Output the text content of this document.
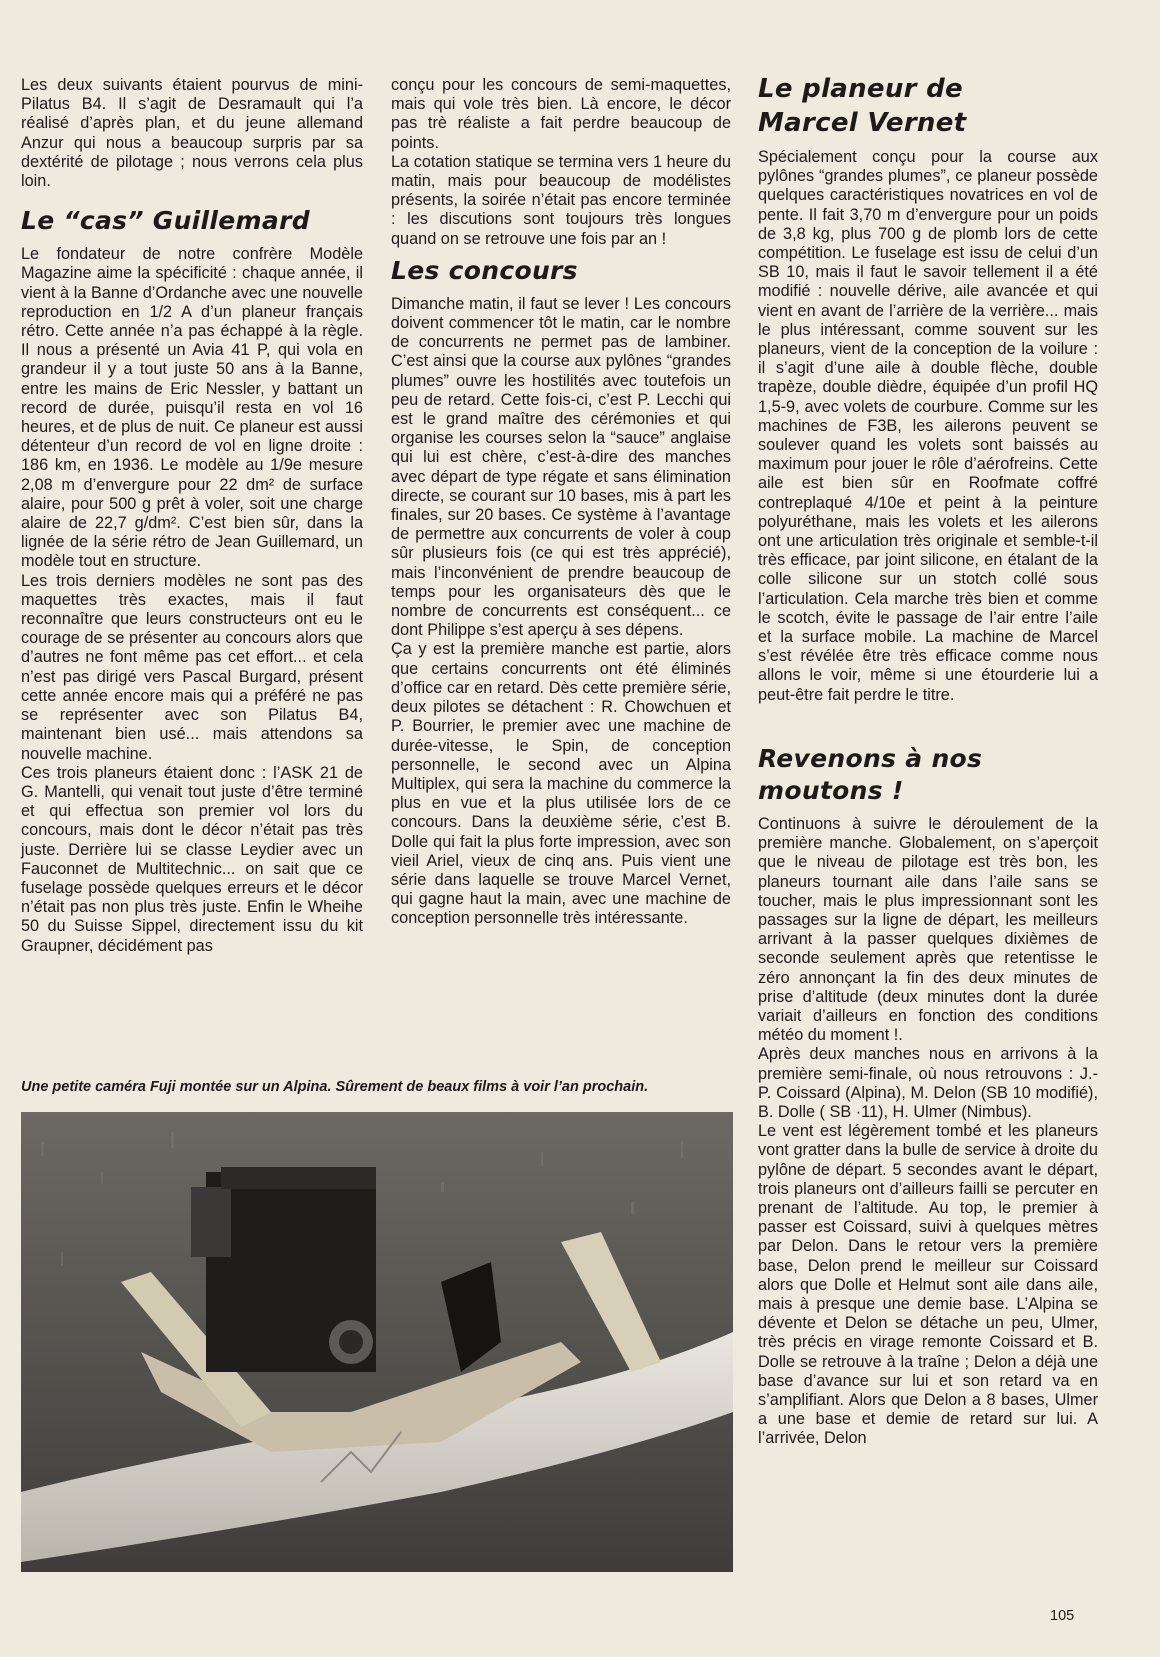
Les deux suivants étaient pourvus de mini-Pilatus B4. Il s’agit de Desramault qui l’a réalisé d’après plan, et du jeune allemand Anzur qui nous a beaucoup surpris par sa dextérité de pilotage ; nous verrons cela plus loin.

Le “cas” Guillemard

Le fondateur de notre confrère Modèle Magazine aime la spécificité : chaque année, il vient à la Banne d’Ordanche avec une nouvelle reproduction en 1/2 A d’un planeur français rétro. Cette année n’a pas échappé à la règle. Il nous a présenté un Avia 41 P, qui vola en grandeur il y a tout juste 50 ans à la Banne, entre les mains de Eric Nessler, y battant un record de durée, puisqu’il resta en vol 16 heures, et de plus de nuit. Ce planeur est aussi détenteur d’un record de vol en ligne droite : 186 km, en 1936. Le modèle au 1/9e mesure 2,08 m d’envergure pour 22 dm² de surface alaire, pour 500 g prêt à voler, soit une charge alaire de 22,7 g/dm². C’est bien sûr, dans la lignée de la série rétro de Jean Guillemard, un modèle tout en structure.

Les trois derniers modèles ne sont pas des maquettes très exactes, mais il faut reconnaître que leurs constructeurs ont eu le courage de se présenter au concours alors que d’autres ne font même pas cet effort... et cela n’est pas dirigé vers Pascal Burgard, présent cette année encore mais qui a préféré ne pas se représenter avec son Pilatus B4, maintenant bien usé... mais attendons sa nouvelle machine.

Ces trois planeurs étaient donc : l’ASK 21 de G. Mantelli, qui venait tout juste d’être terminé et qui effectua son premier vol lors du concours, mais dont le décor n’était pas très juste. Derrière lui se classe Leydier avec un Fauconnet de Multitechnic... on sait que ce fuselage possède quelques erreurs et le décor n’était pas non plus très juste. Enfin le Wheihe 50 du Suisse Sippel, directement issu du kit Graupner, décidément pas

conçu pour les concours de semi-maquettes, mais qui vole très bien. Là encore, le décor pas trè réaliste a fait perdre beaucoup de points.

La cotation statique se termina vers 1 heure du matin, mais pour beaucoup de modélistes présents, la soirée n’était pas encore terminée : les discutions sont toujours très longues quand on se retrouve une fois par an !

Les concours

Dimanche matin, il faut se lever ! Les concours doivent commencer tôt le matin, car le nombre de concurrents ne permet pas de lambiner. C’est ainsi que la course aux pylônes “grandes plumes” ouvre les hostilités avec toutefois un peu de retard. Cette fois-ci, c’est P. Lecchi qui est le grand maître des cérémonies et qui organise les courses selon la “sauce” anglaise qui lui est chère, c’est-à-dire des manches avec départ de type régate et sans élimination directe, se courant sur 10 bases, mis à part les finales, sur 20 bases. Ce système à l’avantage de permettre aux concurrents de voler à coup sûr plusieurs fois (ce qui est très apprécié), mais l’inconvénient de prendre beaucoup de temps pour les organisateurs dès que le nombre de concurrents est conséquent... ce dont Philippe s’est aperçu à ses dépens.

Ça y est la première manche est partie, alors que certains concurrents ont été éliminés d’office car en retard. Dès cette première série, deux pilotes se détachent : R. Chowchuen et P. Bourrier, le premier avec une machine de durée-vitesse, le Spin, de conception personnelle, le second avec un Alpina Multiplex, qui sera la machine du commerce la plus en vue et la plus utilisée lors de ce concours. Dans la deuxième série, c’est B. Dolle qui fait la plus forte impression, avec son vieil Ariel, vieux de cinq ans. Puis vient une série dans laquelle se trouve Marcel Vernet, qui gagne haut la main, avec une machine de conception personnelle très intéressante.

Le planeur de
Marcel Vernet

Spécialement conçu pour la course aux pylônes “grandes plumes”, ce planeur possède quelques caractéristiques novatrices en vol de pente. Il fait 3,70 m d’envergure pour un poids de 3,8 kg, plus 700 g de plomb lors de cette compétition. Le fuselage est issu de celui d’un SB 10, mais il faut le savoir tellement il a été modifié : nouvelle dérive, aile avancée et qui vient en avant de l’arrière de la verrière... mais le plus intéressant, comme souvent sur les planeurs, vient de la conception de la voilure : il s’agit d’une aile à double flèche, double trapèze, double dièdre, équipée d’un profil HQ 1,5-9, avec volets de courbure. Comme sur les machines de F3B, les ailerons peuvent se soulever quand les volets sont baissés au maximum pour jouer le rôle d’aérofreins. Cette aile est bien sûr en Roofmate coffré contreplaqué 4/10e et peint à la peinture polyuréthane, mais les volets et les ailerons ont une articulation très originale et semble-t-il très efficace, par joint silicone, en étalant de la colle silicone sur un stotch collé sous l’articulation. Cela marche très bien et comme le scotch, évite le passage de l’air entre l’aile et la surface mobile. La machine de Marcel s’est révélée être très efficace comme nous allons le voir, même si une étourderie lui a peut-être fait perdre le titre.

Revenons à nos moutons !

Continuons à suivre le déroulement de la première manche. Globalement, on s’aperçoit que le niveau de pilotage est très bon, les planeurs tournant aile dans l’aile sans se toucher, mais le plus impressionnant sont les passages sur la ligne de départ, les meilleurs arrivant à la passer quelques dixièmes de seconde seulement après que retentisse le zéro annonçant la fin des deux minutes de prise d’altitude (deux minutes dont la durée variait d’ailleurs en fonction des conditions météo du moment !.

Après deux manches nous en arrivons à la première semi-finale, où nous retrouvons : J.-P. Coissard (Alpina), M. Delon (SB 10 modifié), B. Dolle ( SB ·11), H. Ulmer (Nimbus).

Le vent est légèrement tombé et les planeurs vont gratter dans la bulle de service à droite du pylône de départ. 5 secondes avant le départ, trois planeurs ont d’ailleurs failli se percuter en prenant de l’altitude. Au top, le premier à passer est Coissard, suivi à quelques mètres par Delon. Dans le retour vers la première base, Delon prend le meilleur sur Coissard alors que Dolle et Helmut sont aile dans aile, mais à presque une demie base. L’Alpina se dévente et Delon se détache un peu, Ulmer, très précis en virage remonte Coissard et B. Dolle se retrouve à la traîne ; Delon a déjà une base d’avance sur lui et son retard va en s’amplifiant. Alors que Delon a 8 bases, Ulmer a une base et demie de retard sur lui. A l’arrivée, Delon

Une petite caméra Fuji montée sur un Alpina. Sûrement de beaux films à voir l’an prochain.
105
